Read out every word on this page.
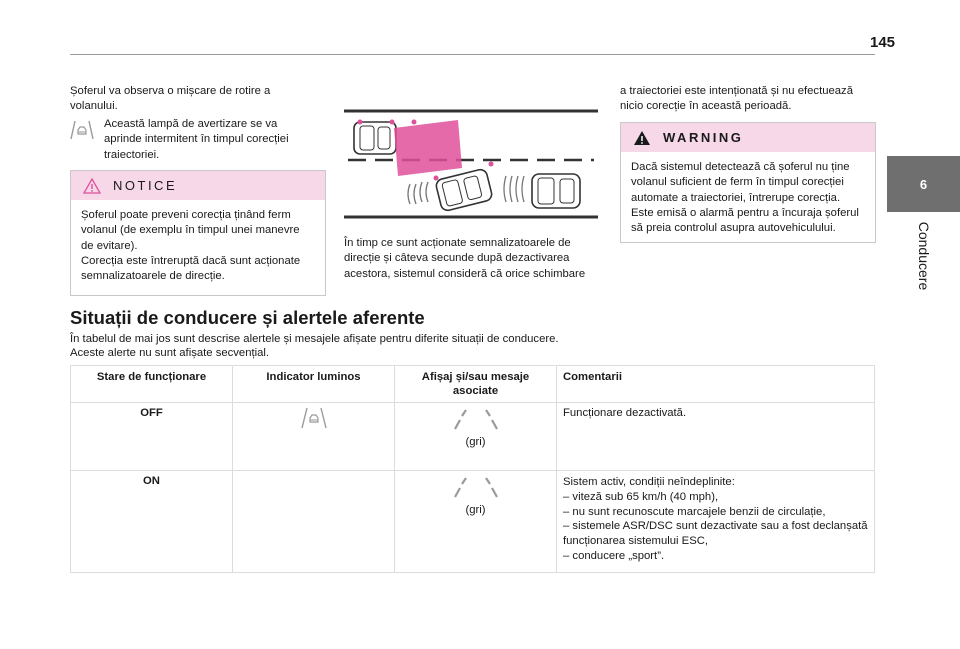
145
6
Conducere
Șoferul va observa o mișcare de rotire a volanului.
Această lampă de avertizare se va aprinde intermitent în timpul corecției traiectoriei.
NOTICE
Șoferul poate preveni corecția ținând ferm volanul (de exemplu în timpul unei manevre de evitare).
Corecția este întreruptă dacă sunt acționate semnalizatoarele de direcție.
În timp ce sunt acționate semnalizatoarele de direcție și câteva secunde după dezactivarea acestora, sistemul consideră că orice schimbare
a traiectoriei este intenționată și nu efectuează nicio corecție în această perioadă.
WARNING
Dacă sistemul detectează că șoferul nu ține volanul suficient de ferm în timpul corecției automate a traiectoriei, întrerupe corecția. Este emisă o alarmă pentru a încuraja șoferul să preia controlul asupra autovehiculului.
Situații de conducere și alertele aferente
În tabelul de mai jos sunt descrise alertele și mesajele afișate pentru diferite situații de conducere.
Aceste alerte nu sunt afișate secvențial.
Stare de funcționare	Indicator luminos	Afișaj și/sau mesaje asociate	Comentarii
OFF		(gri)	Funcționare dezactivată.
ON		(gri)	Sistem activ, condiții neîndeplinite:
– viteză sub 65 km/h (40 mph),
– nu sunt recunoscute marcajele benzii de circulație,
– sistemele ASR/DSC sunt dezactivate sau a fost declanșată funcționarea sistemului ESC,
– conducere „sport”.
